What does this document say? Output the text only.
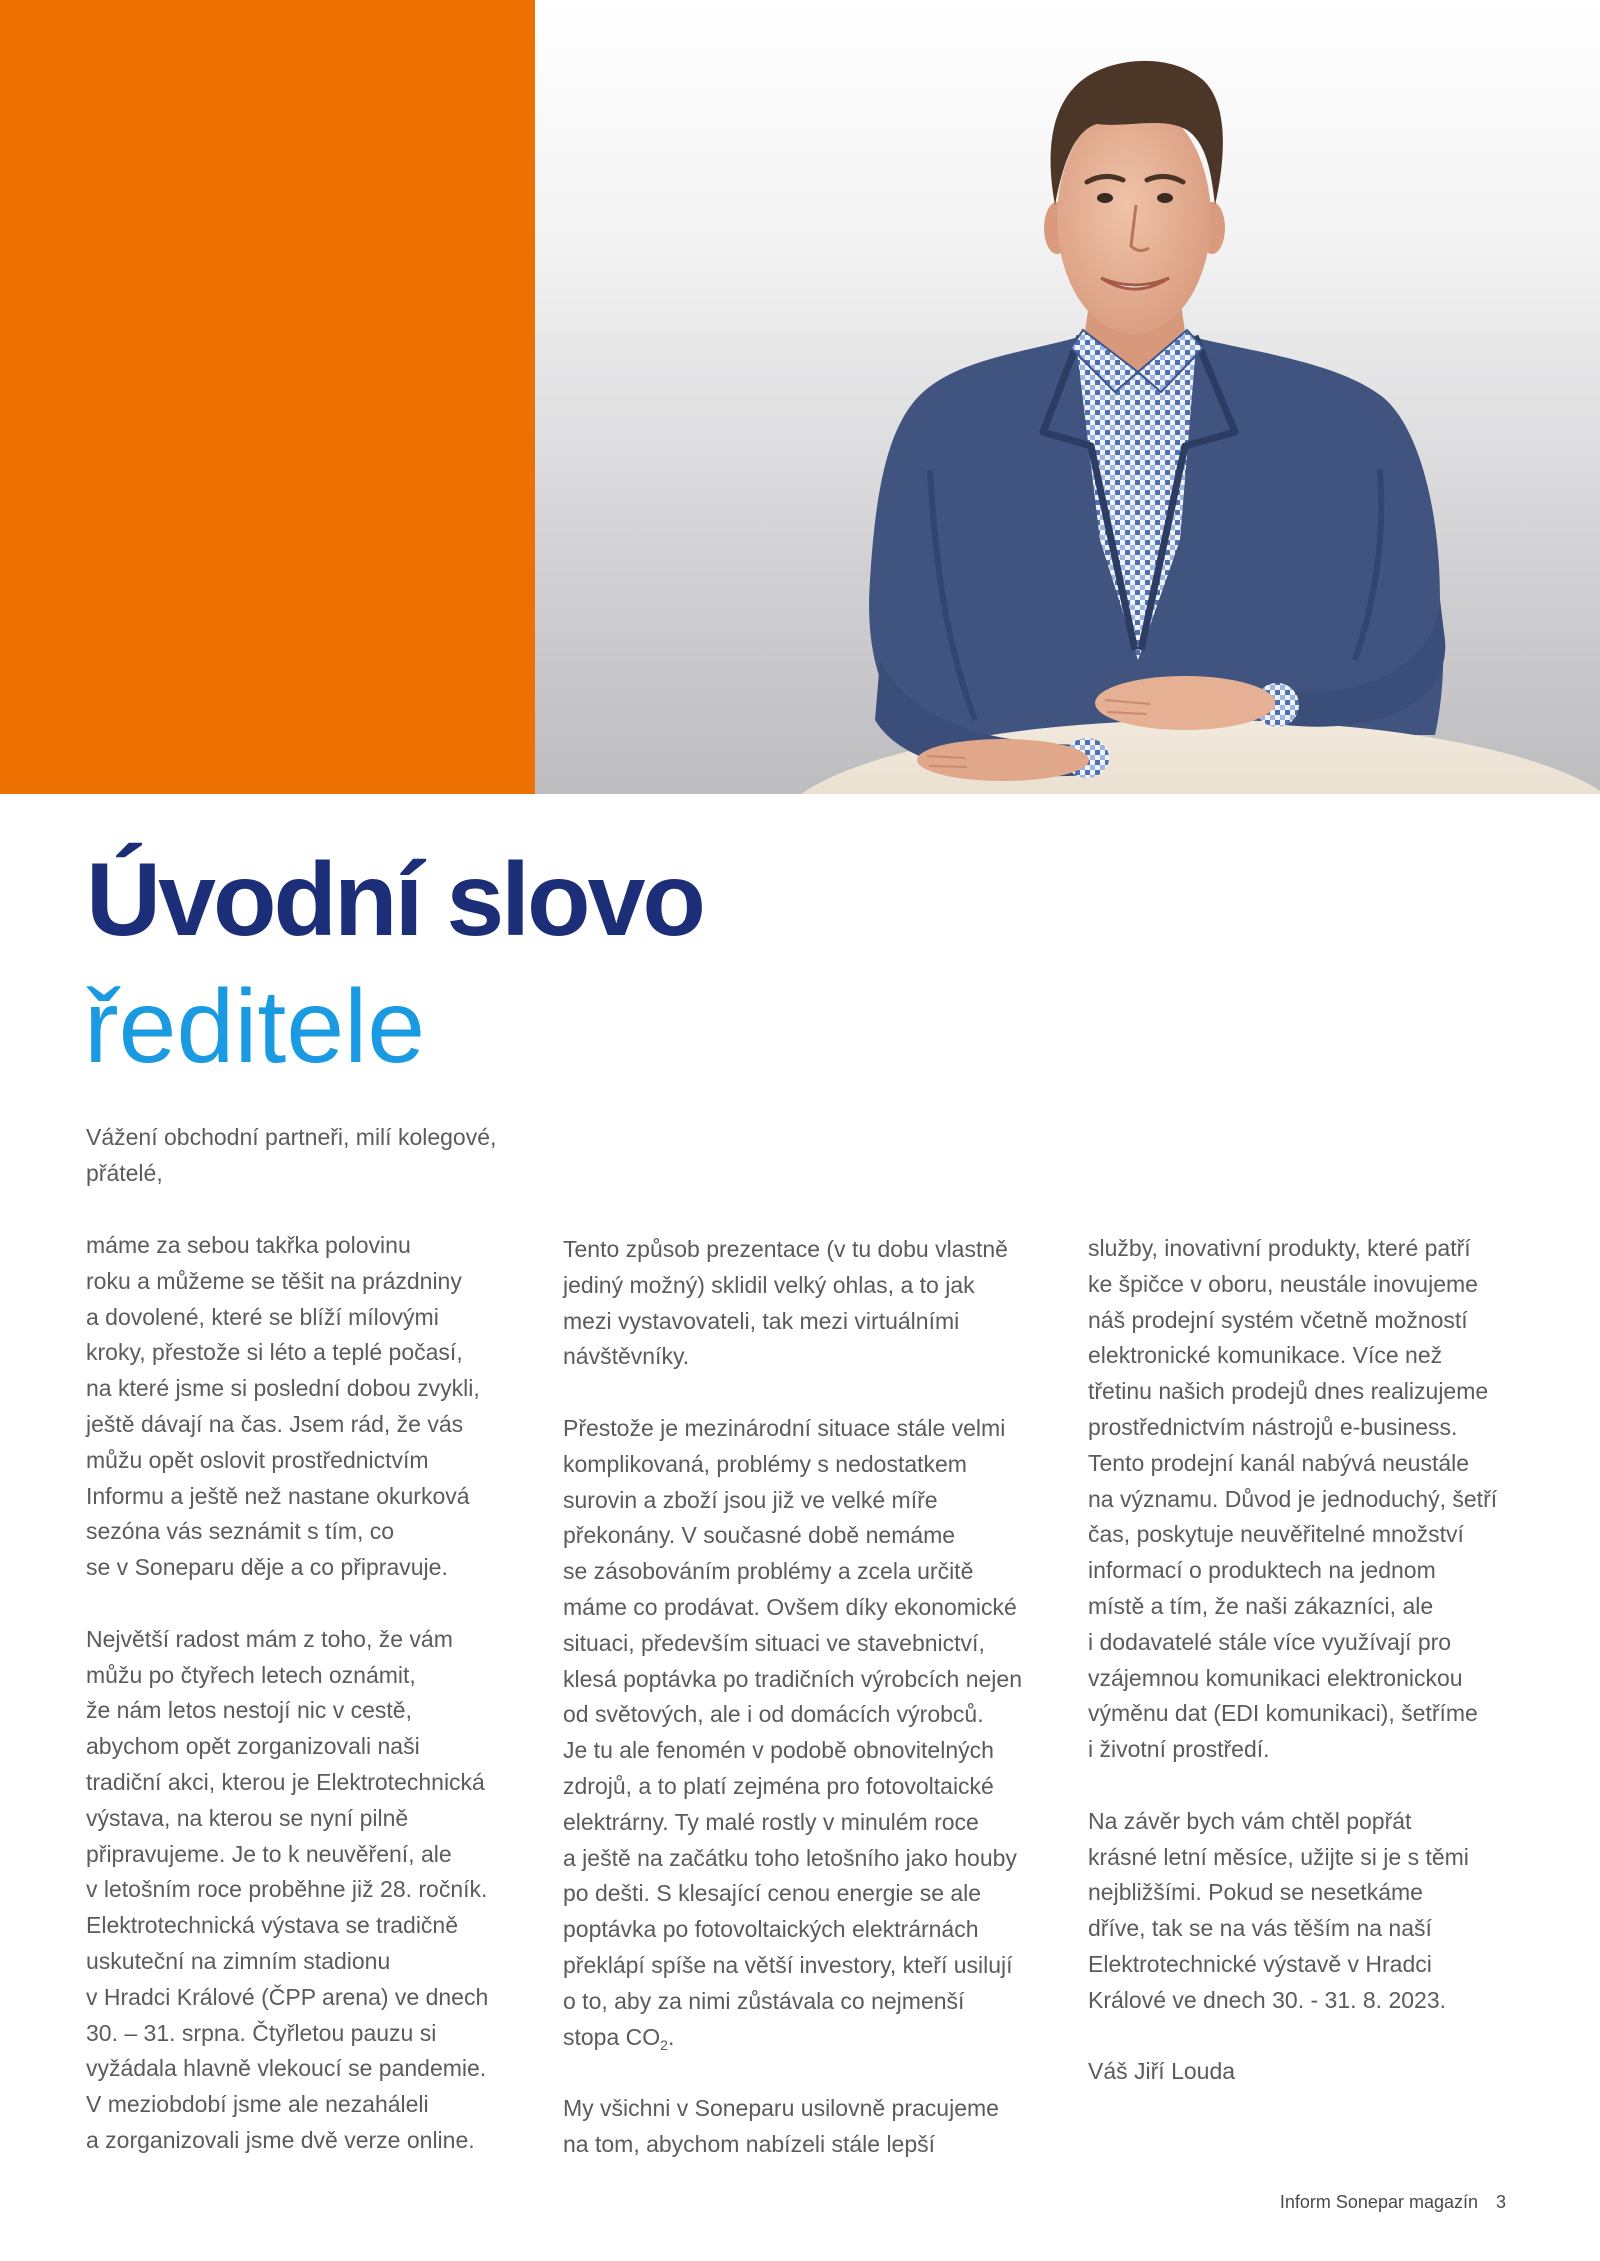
Úvodní slovo
ředitele
Vážení obchodní partneři, milí kolegové,
přátelé,
máme za sebou takřka polovinu
roku a můžeme se těšit na prázdniny
a dovolené, které se blíží mílovými
kroky, přestože si léto a teplé počasí,
na které jsme si poslední dobou zvykli,
ještě dávají na čas. Jsem rád, že vás
můžu opět oslovit prostřednictvím
Informu a ještě než nastane okurková
sezóna vás seznámit s tím, co
se v Soneparu děje a co připravuje.
Největší radost mám z toho, že vám
můžu po čtyřech letech oznámit,
že nám letos nestojí nic v cestě,
abychom opět zorganizovali naši
tradiční akci, kterou je Elektrotechnická
výstava, na kterou se nyní pilně
připravujeme. Je to k neuvěření, ale
v letošním roce proběhne již 28. ročník.
Elektrotechnická výstava se tradičně
uskuteční na zimním stadionu
v Hradci Králové (ČPP arena) ve dnech
30. – 31. srpna. Čtyřletou pauzu si
vyžádala hlavně vlekoucí se pandemie.
V meziobdobí jsme ale nezaháleli
a zorganizovali jsme dvě verze online.
Tento způsob prezentace (v tu dobu vlastně
jediný možný) sklidil velký ohlas, a to jak
mezi vystavovateli, tak mezi virtuálními
návštěvníky.
Přestože je mezinárodní situace stále velmi
komplikovaná, problémy s nedostatkem
surovin a zboží jsou již ve velké míře
překonány. V současné době nemáme
se zásobováním problémy a zcela určitě
máme co prodávat. Ovšem díky ekonomické
situaci, především situaci ve stavebnictví,
klesá poptávka po tradičních výrobcích nejen
od světových, ale i od domácích výrobců.
Je tu ale fenomén v podobě obnovitelných
zdrojů, a to platí zejména pro fotovoltaické
elektrárny. Ty malé rostly v minulém roce
a ještě na začátku toho letošního jako houby
po dešti. S klesající cenou energie se ale
poptávka po fotovoltaických elektrárnách
překlápí spíše na větší investory, kteří usilují
o to, aby za nimi zůstávala co nejmenší
stopa $CO_2$.
My všichni v Soneparu usilovně pracujeme
na tom, abychom nabízeli stále lepší
služby, inovativní produkty, které patří
ke špičce v oboru, neustále inovujeme
náš prodejní systém včetně možností
elektronické komunikace. Více než
třetinu našich prodejů dnes realizujeme
prostřednictvím nástrojů e-business.
Tento prodejní kanál nabývá neustále
na významu. Důvod je jednoduchý, šetří
čas, poskytuje neuvěřitelné množství
informací o produktech na jednom
místě a tím, že naši zákazníci, ale
i dodavatelé stále více využívají pro
vzájemnou komunikaci elektronickou
výměnu dat (EDI komunikaci), šetříme
i životní prostředí.
Na závěr bych vám chtěl popřát
krásné letní měsíce, užijte si je s těmi
nejbližšími. Pokud se nesetkáme
dříve, tak se na vás těším na naší
Elektrotechnické výstavě v Hradci
Králové ve dnech 30. - 31. 8. 2023.
Váš Jiří Louda
Inform Sonepar magazín 3
